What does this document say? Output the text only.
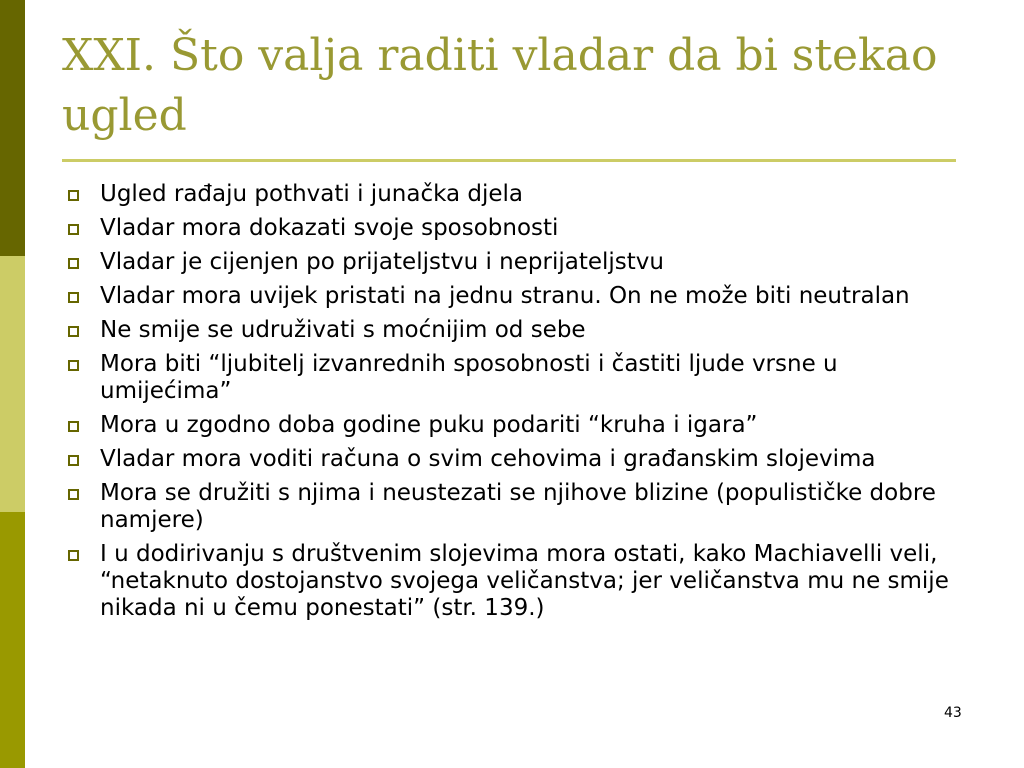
XXI. Što valja raditi vladar da bi stekao ugled
Ugled rađaju pothvati i junačka djela
Vladar mora dokazati svoje sposobnosti
Vladar je cijenjen po prijateljstvu i neprijateljstvu
Vladar mora uvijek pristati na jednu stranu. On ne može biti neutralan
Ne smije se udruživati s moćnijim od sebe
Mora biti “ljubitelj izvanrednih sposobnosti i častiti ljude vrsne u umijećima”
Mora u zgodno doba godine puku podariti “kruha i igara”
Vladar mora voditi računa o svim cehovima i građanskim slojevima
Mora se družiti s njima i neustezati se njihove blizine (populističke dobre namjere)
I u dodirivanju s društvenim slojevima mora ostati, kako Machiavelli veli, “netaknuto dostojanstvo svojega veličanstva; jer veličanstva mu ne smije nikada ni u čemu ponestati” (str. 139.)
43
